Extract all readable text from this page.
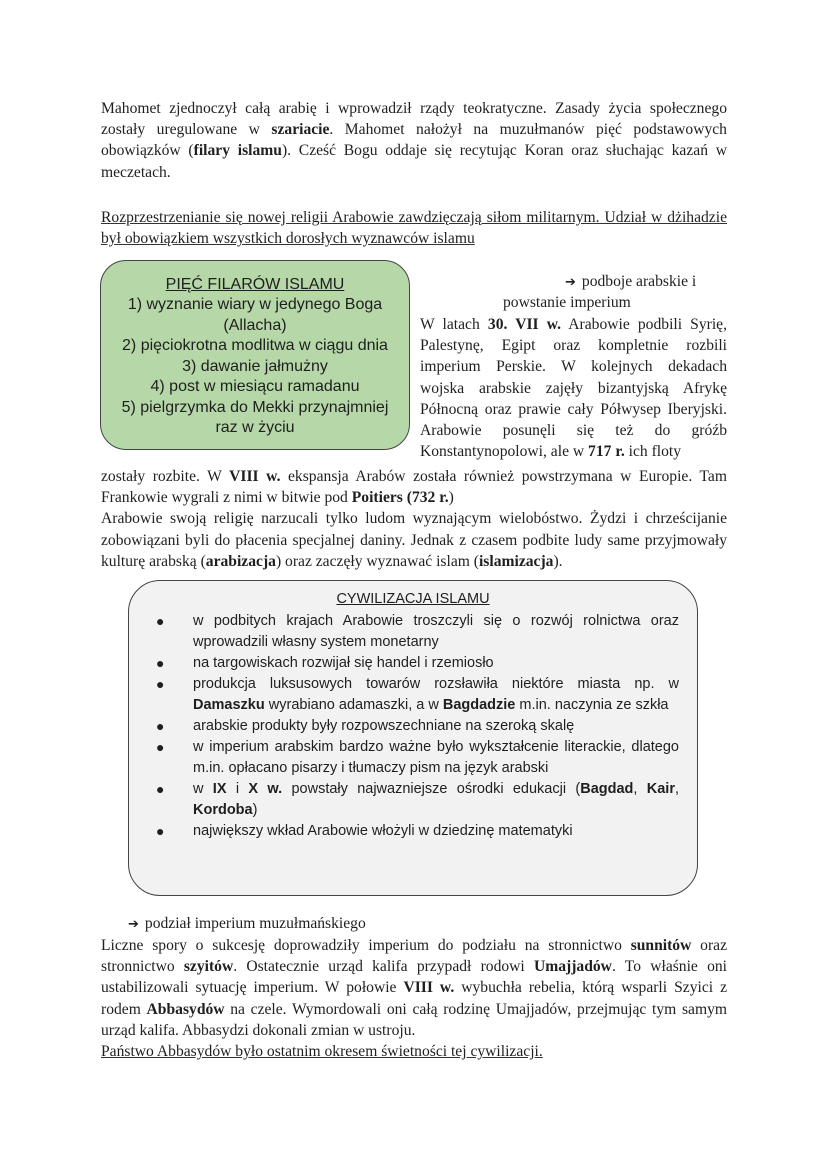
Mahomet zjednoczył całą arabię i wprowadził rządy teokratyczne. Zasady życia społecznego zostały uregulowane w szariacie. Mahomet nałożył na muzułmanów pięć podstawowych obowiązków (filary islamu). Cześć Bogu oddaje się recytując Koran oraz słuchając kazań w meczetach.

Rozprzestrzenianie się nowej religii Arabowie zawdzięczają siłom militarnym. Udział w dżihadzie był obowiązkiem wszystkich dorosłych wyznawców islamu

PIĘĆ FILARÓW ISLAMU
1) wyznanie wiary w jedynego Boga
(Allacha)
2) pięciokrotna modlitwa w ciągu dnia
3) dawanie jałmużny
4) post w miesiącu ramadanu
5) pielgrzymka do Mekki przynajmniej
raz w życiu
➔ podboje arabskie i
powstanie imperium

W latach 30. VII w. Arabowie podbili Syrię, Palestynę, Egipt oraz kompletnie rozbili imperium Perskie. W kolejnych dekadach wojska arabskie zajęły bizantyjską Afrykę Północną oraz prawie cały Półwysep Iberyjski. Arabowie posunęli się też do gróźb Konstantynopolowi, ale w 717 r. ich floty

zostały rozbite. W VIII w. ekspansja Arabów została również powstrzymana w Europie. Tam Frankowie wygrali z nimi w bitwie pod Poitiers (732 r.)
Arabowie swoją religię narzucali tylko ludom wyznającym wielobóstwo. Żydzi i chrześcijanie zobowiązani byli do płacenia specjalnej daniny. Jednak z czasem podbite ludy same przyjmowały kulturę arabską (arabizacja) oraz zaczęły wyznawać islam (islamizacja).

CYWILIZACJA ISLAMU
● w podbitych krajach Arabowie troszczyli się o rozwój rolnictwa oraz wprowadzili własny system monetarny
● na targowiskach rozwijał się handel i rzemiosło
● produkcja luksusowych towarów rozsławiła niektóre miasta np. w Damaszku wyrabiano adamaszki, a w Bagdadzie m.in. naczynia ze szkła
● arabskie produkty były rozpowszechniane na szeroką skalę
● w imperium arabskim bardzo ważne było wykształcenie literackie, dlatego m.in. opłacano pisarzy i tłumaczy pism na język arabski
● w IX i X w. powstały najwazniejsze ośrodki edukacji (Bagdad, Kair, Kordoba)
● największy wkład Arabowie włożyli w dziedzinę matematyki
➔ podział imperium muzułmańskiego

Liczne spory o sukcesję doprowadziły imperium do podziału na stronnictwo sunnitów oraz stronnictwo szyitów. Ostatecznie urząd kalifa przypadł rodowi Umajjadów. To właśnie oni ustabilizowali sytuację imperium. W połowie VIII w. wybuchła rebelia, którą wsparli Szyici z rodem Abbasydów na czele. Wymordowali oni całą rodzinę Umajjadów, przejmując tym samym urząd kalifa. Abbasydzi dokonali zmian w ustroju.
Państwo Abbasydów było ostatnim okresem świetności tej cywilizacji.
